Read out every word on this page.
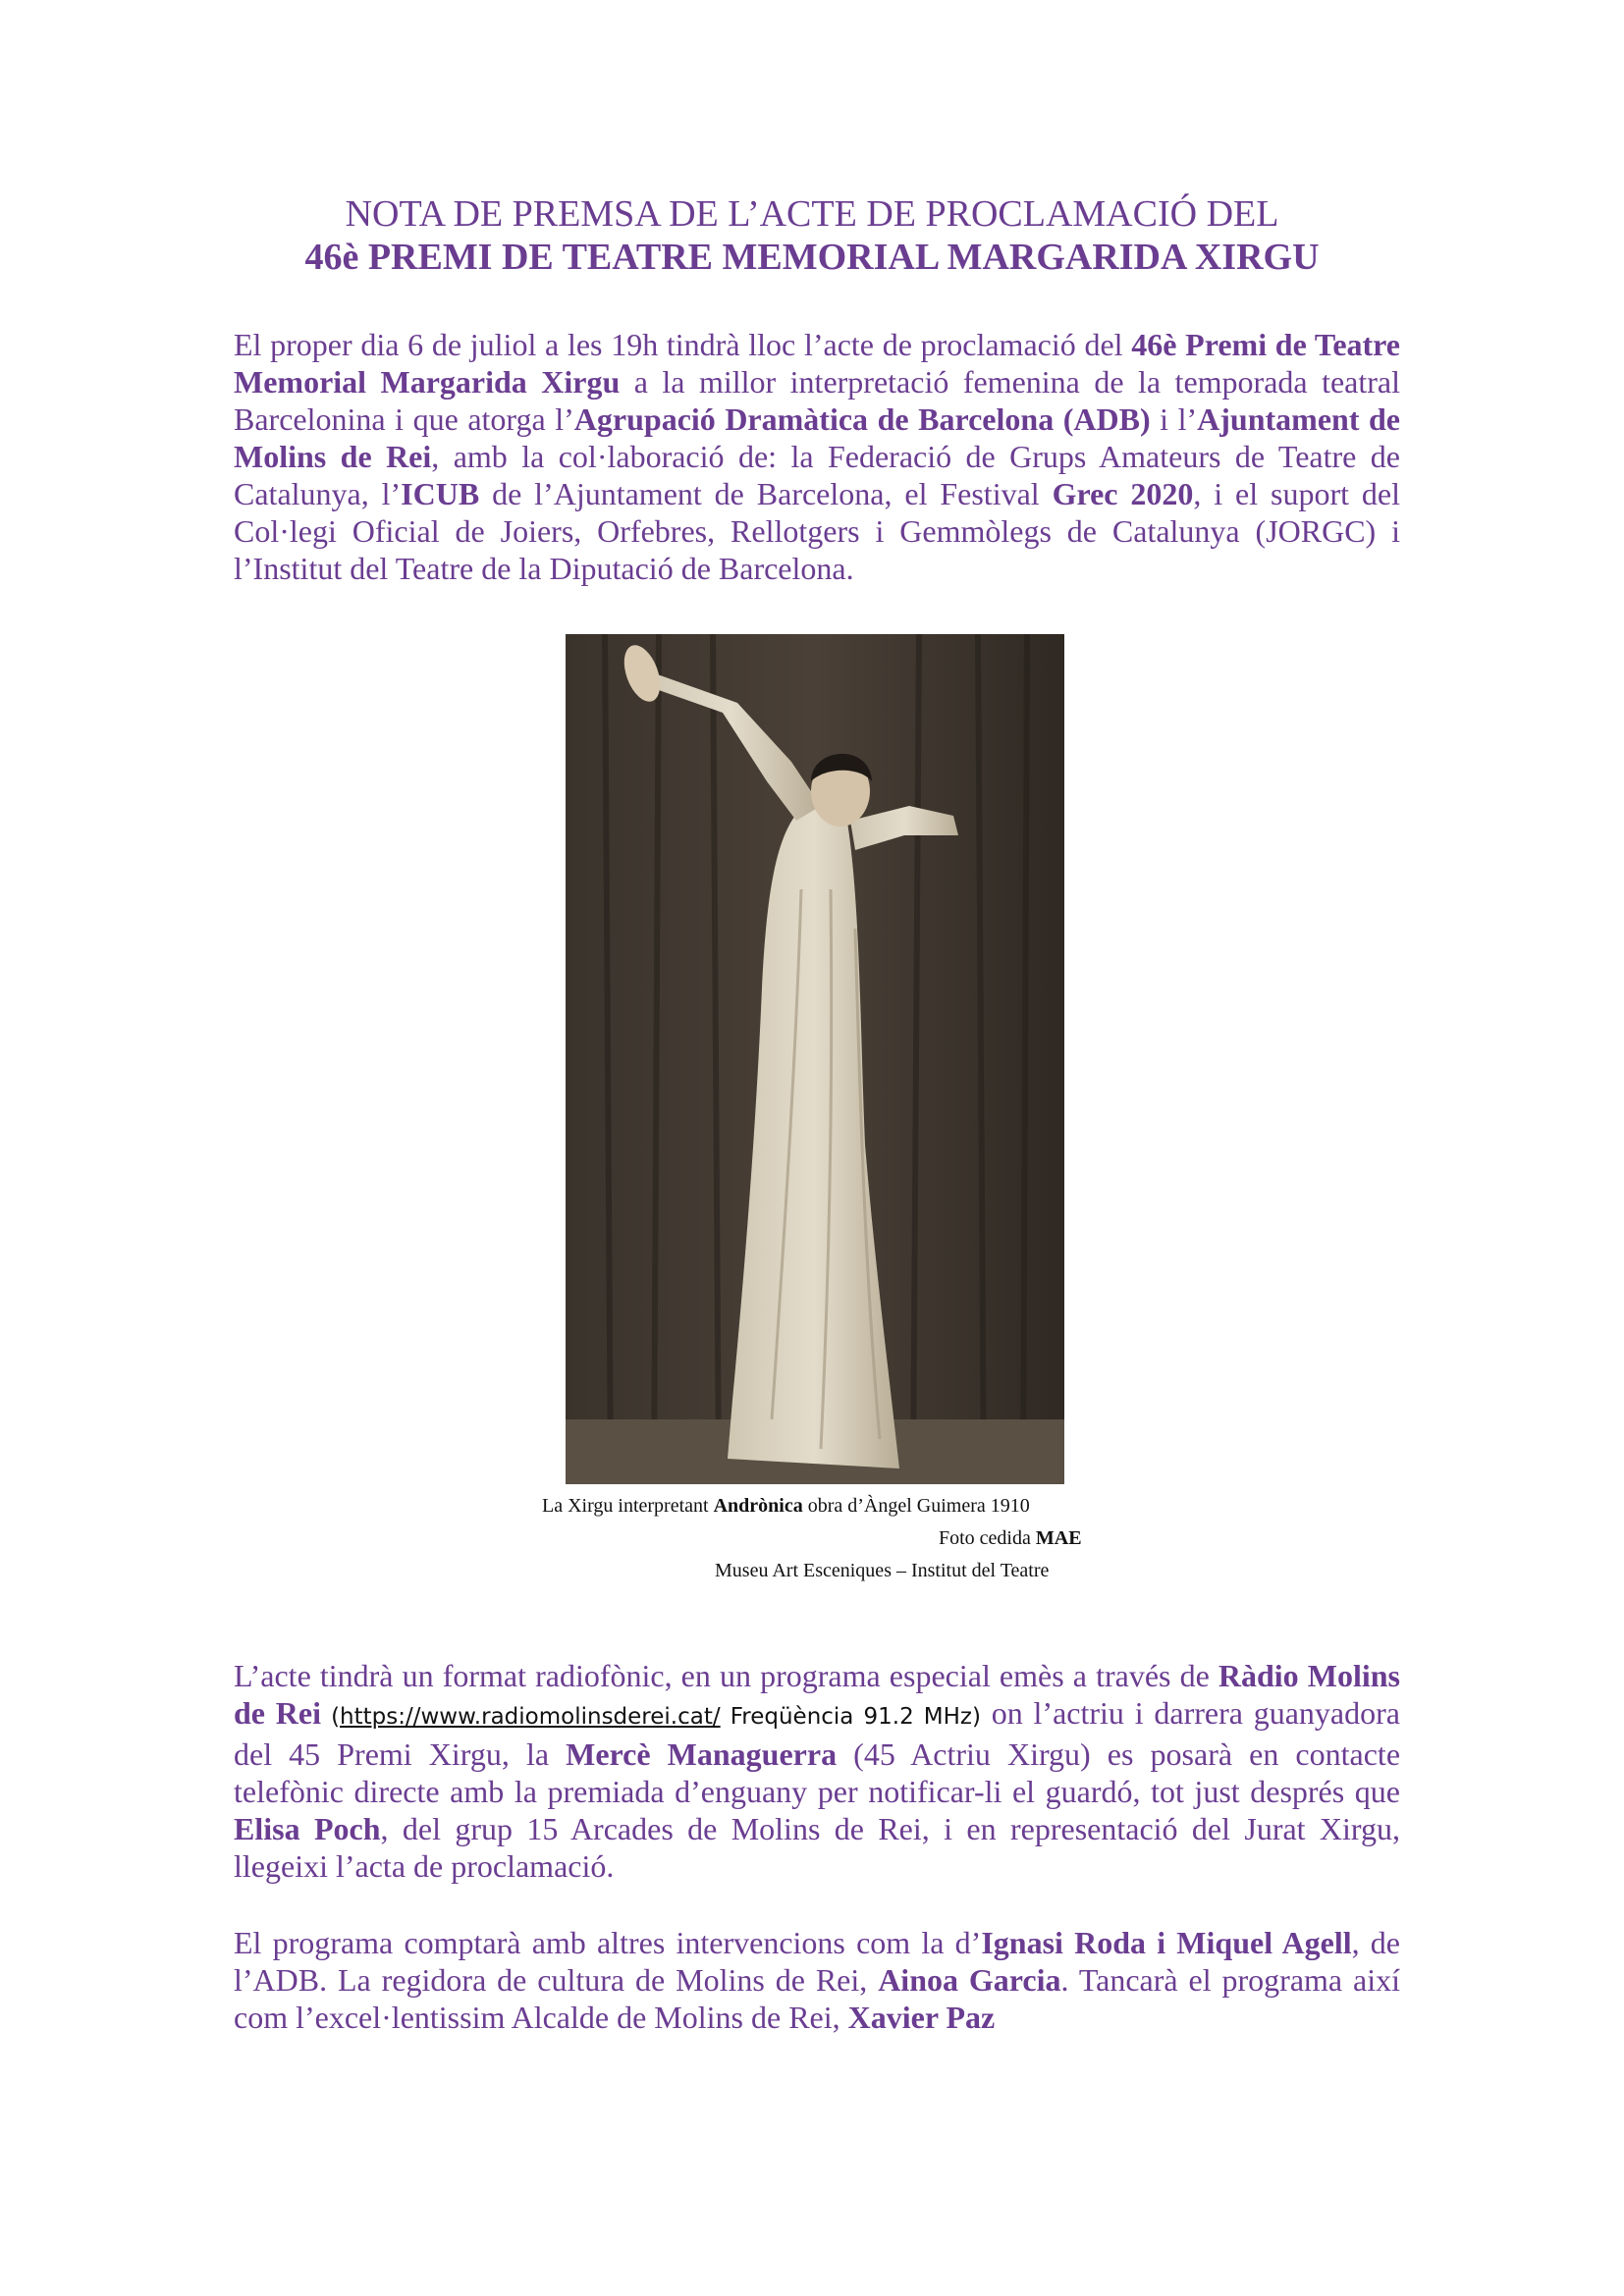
NOTA DE PREMSA DE L’ACTE DE PROCLAMACIÓ DEL
46è PREMI DE TEATRE MEMORIAL MARGARIDA XIRGU

El proper dia 6 de juliol a les 19h tindrà lloc l’acte de proclamació del 46è Premi de Teatre Memorial Margarida Xirgu a la millor interpretació femenina de la temporada teatral Barcelonina i que atorga l’Agrupació Dramàtica de Barcelona (ADB) i l’Ajuntament de Molins de Rei, amb la col·laboració de: la Federació de Grups Amateurs de Teatre de Catalunya, l’ICUB de l’Ajuntament de Barcelona, el Festival Grec 2020, i el suport del Col·legi Oficial de Joiers, Orfebres, Rellotgers i Gemmòlegs de Catalunya (JORGC) i l’Institut del Teatre de la Diputació de Barcelona.

La Xirgu interpretant Andrònica obra d’Àngel Guimera 1910

Foto cedida MAE

Museu Art Esceniques – Institut del Teatre

L’acte tindrà un format radiofònic, en un programa especial emès a través de Ràdio Molins de Rei (https://www.radiomolinsderei.cat/ Freqüència 91.2 MHz) on l’actriu i darrera guanyadora del 45 Premi Xirgu, la Mercè Managuerra (45 Actriu Xirgu) es posarà en contacte telefònic directe amb la premiada d’enguany per notificar-li el guardó, tot just després que Elisa Poch, del grup 15 Arcades de Molins de Rei, i en representació del Jurat Xirgu, llegeixi l’acta de proclamació.

El programa comptarà amb altres intervencions com la d’Ignasi Roda i Miquel Agell, de l’ADB. La regidora de cultura de Molins de Rei, Ainoa Garcia. Tancarà el programa així com l’excel·lentissim Alcalde de Molins de Rei, Xavier Paz
